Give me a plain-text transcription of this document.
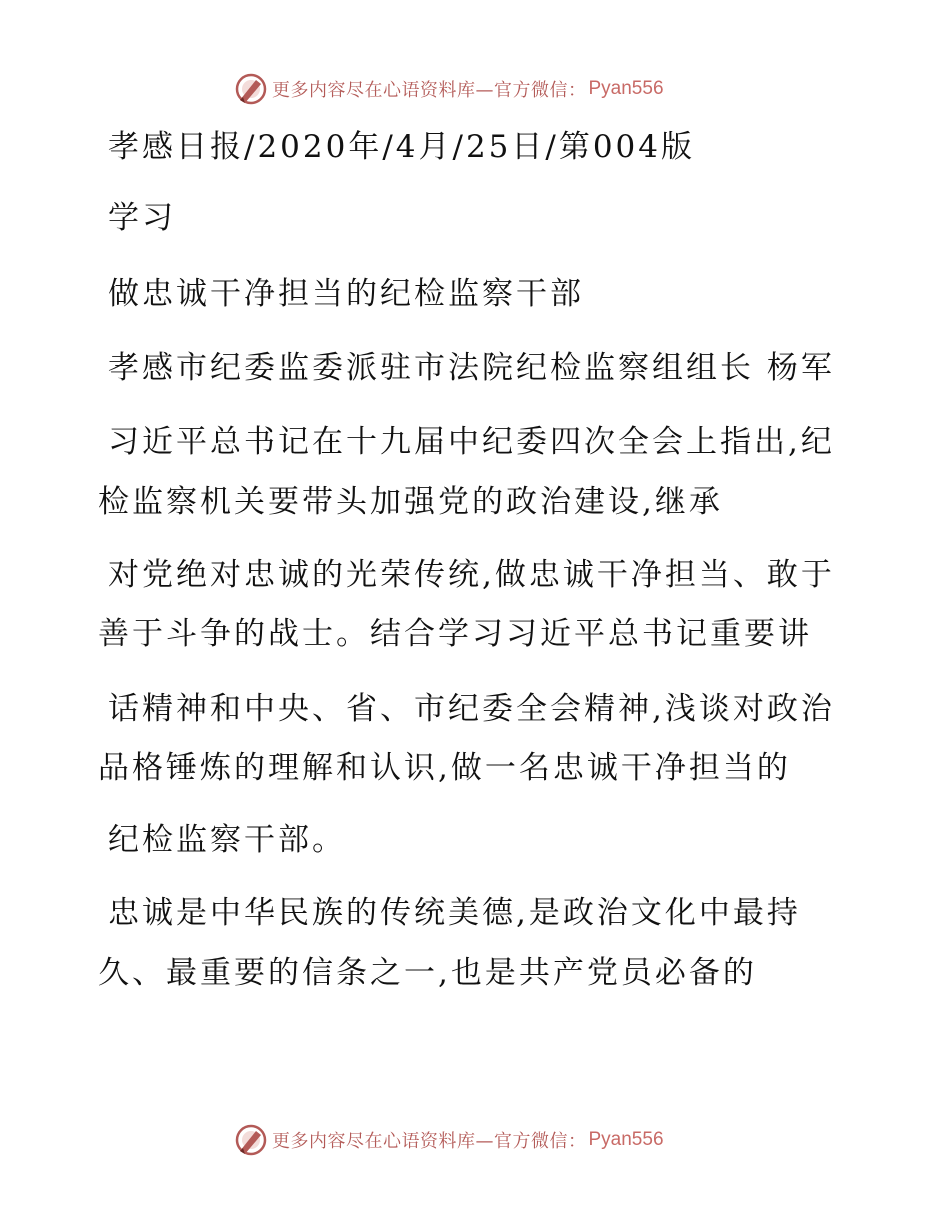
更多内容尽在心语资料库—官方微信： Pyan556

孝感日报/2020年/4月/25日/第004版

学习

做忠诚干净担当的纪检监察干部

孝感市纪委监委派驻市法院纪检监察组组长 杨军

习近平总书记在十九届中纪委四次全会上指出,纪

检监察机关要带头加强党的政治建设,继承

对党绝对忠诚的光荣传统,做忠诚干净担当、敢于

善于斗争的战士。结合学习习近平总书记重要讲

话精神和中央、省、市纪委全会精神,浅谈对政治

品格锤炼的理解和认识,做一名忠诚干净担当的

纪检监察干部。

忠诚是中华民族的传统美德,是政治文化中最持

久、最重要的信条之一,也是共产党员必备的

更多内容尽在心语资料库—官方微信： Pyan556
